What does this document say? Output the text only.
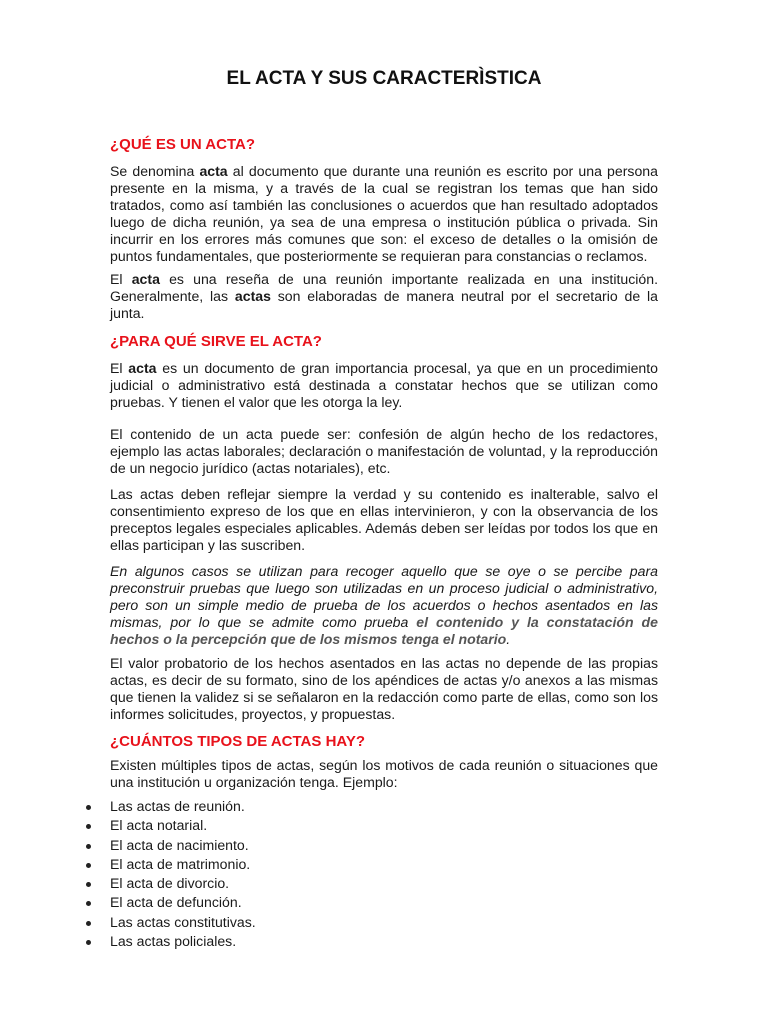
EL ACTA Y SUS CARACTERÌSTICA
¿QUÉ ES UN ACTA?

Se denomina acta al documento que durante una reunión es escrito por una persona presente en la misma, y a través de la cual se registran los temas que han sido tratados, como así también las conclusiones o acuerdos que han resultado adoptados luego de dicha reunión, ya sea de una empresa o institución pública o privada. Sin incurrir en los errores más comunes que son: el exceso de detalles o la omisión de puntos fundamentales, que posteriormente se requieran para constancias o reclamos.

El acta es una reseña de una reunión importante realizada en una institución. Generalmente, las actas son elaboradas de manera neutral por el secretario de la junta.

¿PARA QUÉ SIRVE EL ACTA?

El acta es un documento de gran importancia procesal, ya que en un procedimiento judicial o administrativo está destinada a constatar hechos que se utilizan como pruebas. Y tienen el valor que les otorga la ley.

El contenido de un acta puede ser: confesión de algún hecho de los redactores, ejemplo las actas laborales; declaración o manifestación de voluntad, y la reproducción de un negocio jurídico (actas notariales), etc.

Las actas deben reflejar siempre la verdad y su contenido es inalterable, salvo el consentimiento expreso de los que en ellas intervinieron, y con la observancia de los preceptos legales especiales aplicables. Además deben ser leídas por todos los que en ellas participan y las suscriben.

En algunos casos se utilizan para recoger aquello que se oye o se percibe para preconstruir pruebas que luego son utilizadas en un proceso judicial o administrativo, pero son un simple medio de prueba de los acuerdos o hechos asentados en las mismas, por lo que se admite como prueba el contenido y la constatación de hechos o la percepción que de los mismos tenga el notario.

El valor probatorio de los hechos asentados en las actas no depende de las propias actas, es decir de su formato, sino de los apéndices de actas y/o anexos a las mismas que tienen la validez si se señalaron en la redacción como parte de ellas, como son los informes solicitudes, proyectos, y propuestas.

¿CUÁNTOS TIPOS DE ACTAS HAY?

Existen múltiples tipos de actas, según los motivos de cada reunión o situaciones que una institución u organización tenga. Ejemplo:

Las actas de reunión.
El acta notarial.
El acta de nacimiento.
El acta de matrimonio.
El acta de divorcio.
El acta de defunción.
Las actas constitutivas.
Las actas policiales.
